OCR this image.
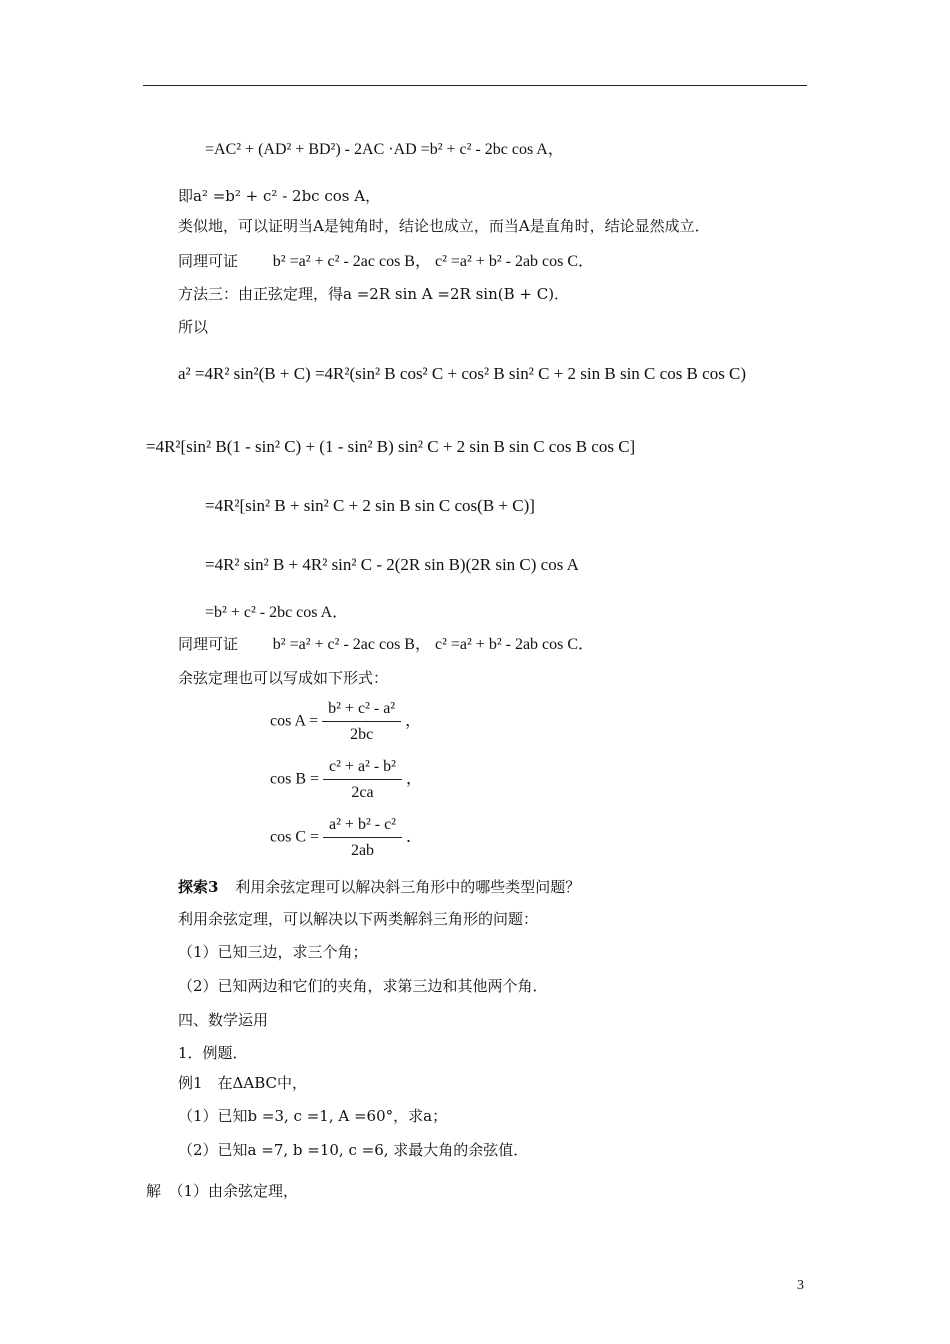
=AC² + (AD² + BD²) - 2AC ·AD =b² + c² - 2bc cos A，
即a² =b² + c² - 2bc cos A，
类似地，可以证明当A是钝角时，结论也成立，而当A是直角时，结论显然成立．
同理可证 b² =a² + c² - 2ac cos B， c² =a² + b² - 2ab cos C．
方法三：由正弦定理，得a =2R sin A =2R sin(B + C)．
所以
a² =4R² sin²(B + C) =4R²(sin² B cos² C + cos² B sin² C + 2 sin B sin C cos B cos C)
=4R²[sin² B(1 - sin² C) + (1 - sin² B) sin² C + 2 sin B sin C cos B cos C]
=4R²[sin² B + sin² C + 2 sin B sin C cos(B + C)]
=4R² sin² B + 4R² sin² C - 2(2R sin B)(2R sin C) cos A
=b² + c² - 2bc cos A．
同理可证 b² =a² + c² - 2ac cos B， c² =a² + b² - 2ab cos C．
余弦定理也可以写成如下形式：
$\cos A = \frac{\text{b² + c² - a²}}{2bc}$ ，
$\cos B = \frac{\text{c² + a² - b²}}{2ca}$ ，
$\cos C = \frac{\text{a² + b² - c²}}{2ab}$ ．
探索3 利用余弦定理可以解决斜三角形中的哪些类型问题？
利用余弦定理，可以解决以下两类解斜三角形的问题：
（1）已知三边，求三个角；
（2）已知两边和它们的夹角，求第三边和其他两个角．
四、数学运用
1．例题．
例1　在ΔABC中，
（1）已知b =3, c =1, A =60°，求a；
（2）已知a =7, b =10, c =6, 求最大角的余弦值．
解　（1）由余弦定理，
3
